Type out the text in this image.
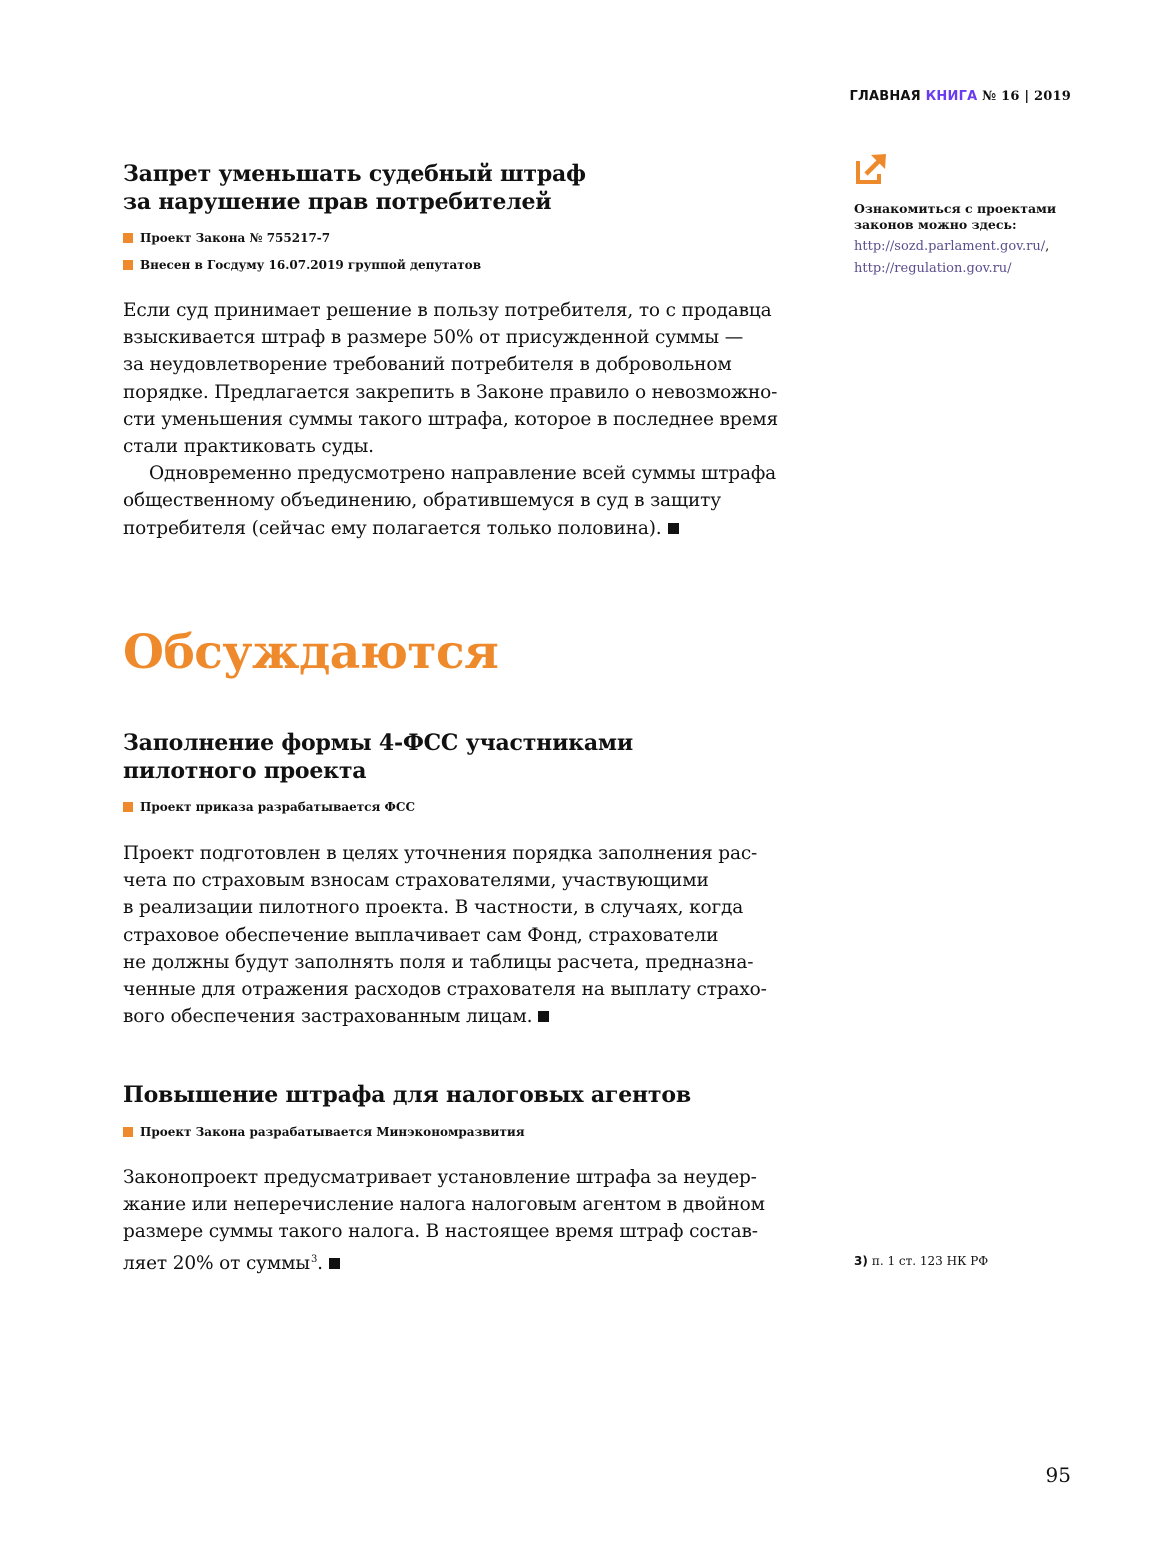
ГЛАВНАЯ КНИГА № 16 | 2019
Ознакомиться с проектами
законов можно здесь:
http://sozd.parlament.gov.ru/,
http://regulation.gov.ru/
Запрет уменьшать судебный штраф
за нарушение прав потребителей
Проект Закона № 755217-7
Внесен в Госдуму 16.07.2019 группой депутатов

Если суд принимает решение в пользу потребителя, то с продавца
взыскивается штраф в размере 50% от присужденной суммы —
за неудовлетворение требований потребителя в добровольном
порядке. Предлагается закрепить в Законе правило о невозможно-
сти уменьшения суммы такого штрафа, которое в последнее время
стали практиковать суды.

Одновременно предусмотрено направление всей суммы штрафа
общественному объединению, обратившемуся в суд в защиту
потребителя (сейчас ему полагается только половина).

Обсуждаются
Заполнение формы 4-ФСС участниками
пилотного проекта
Проект приказа разрабатывается ФСС

Проект подготовлен в целях уточнения порядка заполнения рас-
чета по страховым взносам страхователями, участвующими
в реализации пилотного проекта. В частности, в случаях, когда
страховое обеспечение выплачивает сам Фонд, страхователи
не должны будут заполнять поля и таблицы расчета, предназна-
ченные для отражения расходов страхователя на выплату страхо-
вого обеспечения застрахованным лицам.

Повышение штрафа для налоговых агентов
Проект Закона разрабатывается Минэкономразвития

Законопроект предусматривает установление штрафа за неудер-
жание или неперечисление налога налоговым агентом в двойном
размере суммы такого налога. В настоящее время штраф состав-
ляет 20% от суммы$^3$.	3) п. 1 ст. 123 НК РФ
95
